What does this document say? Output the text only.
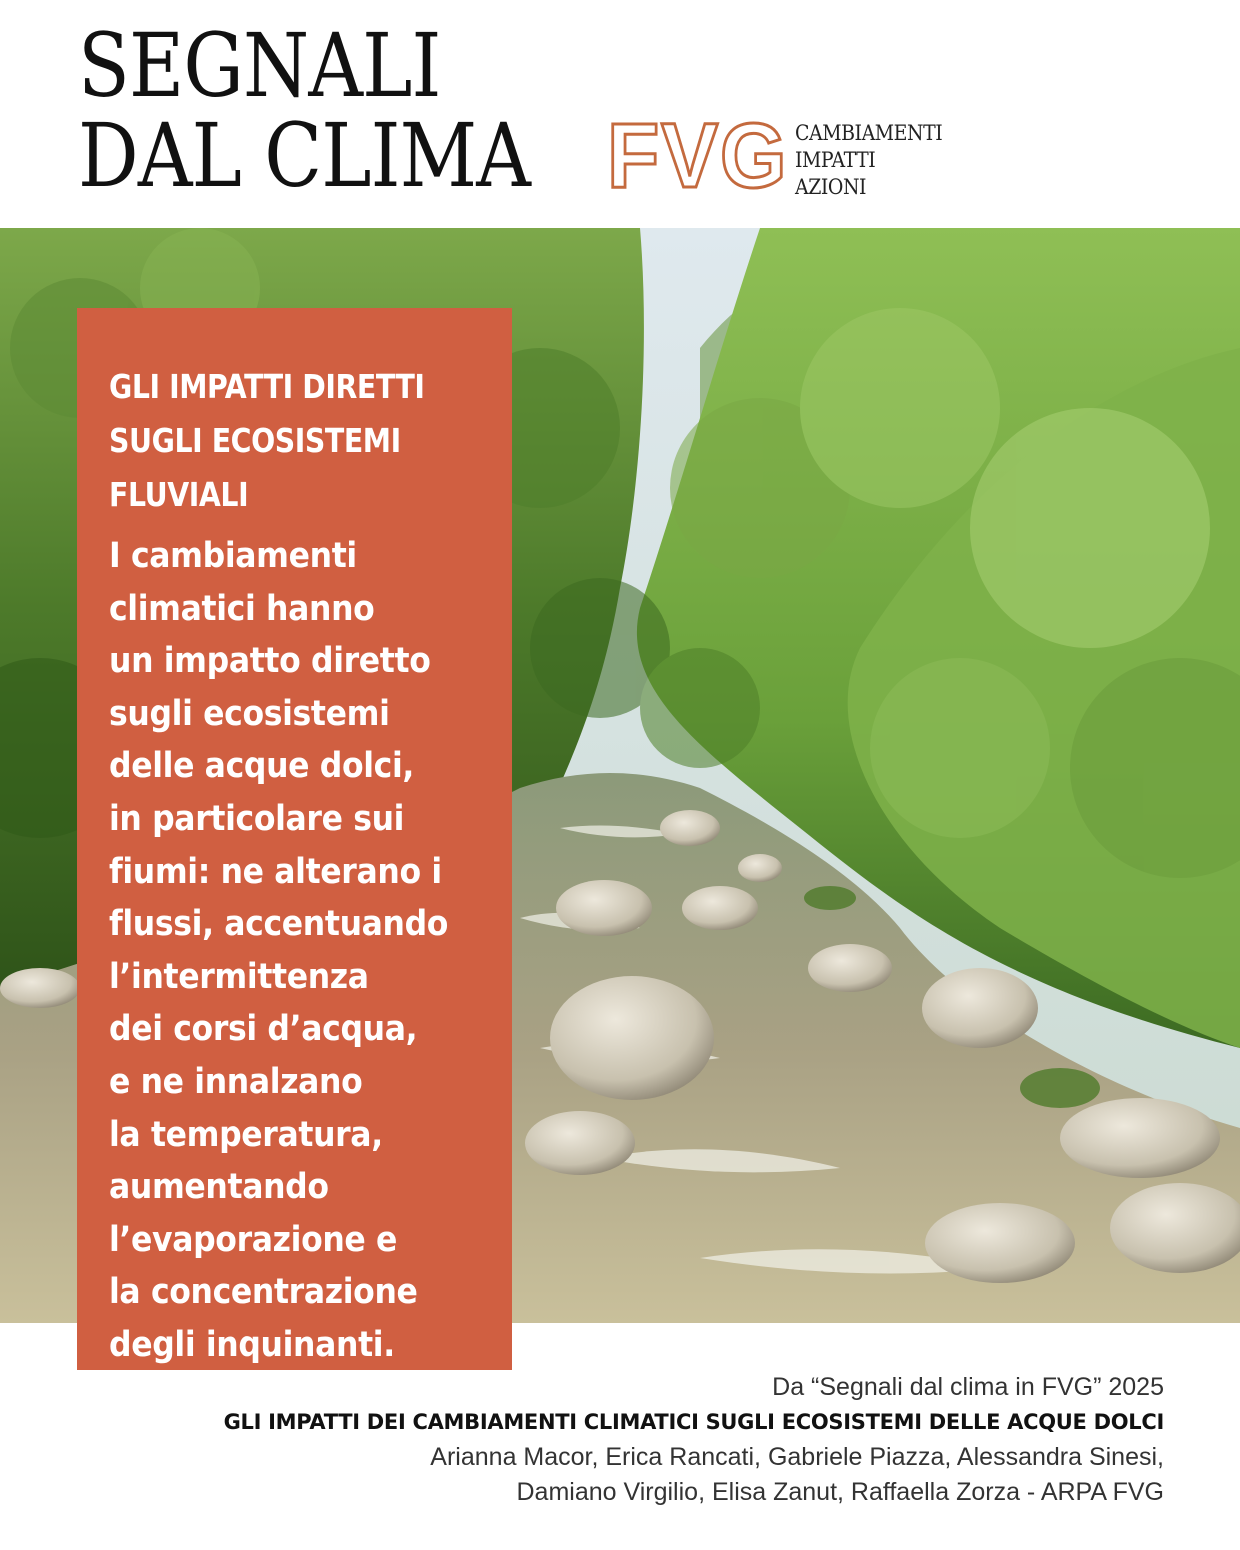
SEGNALI
DAL CLIMA FVG CAMBIAMENTI
IMPATTI
AZIONI
GLI IMPATTI DIRETTI
SUGLI ECOSISTEMI
FLUVIALI

I cambiamenti
climatici hanno
un impatto diretto
sugli ecosistemi
delle acque dolci,
in particolare sui
fiumi: ne alterano i
flussi, accentuando
l’intermittenza
dei corsi d’acqua,
e ne innalzano
la temperatura,
aumentando
l’evaporazione e
la concentrazione
degli inquinanti.

Da “Segnali dal clima in FVG” 2025
GLI IMPATTI DEI CAMBIAMENTI CLIMATICI SUGLI ECOSISTEMI DELLE ACQUE DOLCI
Arianna Macor, Erica Rancati, Gabriele Piazza, Alessandra Sinesi,
Damiano Virgilio, Elisa Zanut, Raffaella Zorza - ARPA FVG
